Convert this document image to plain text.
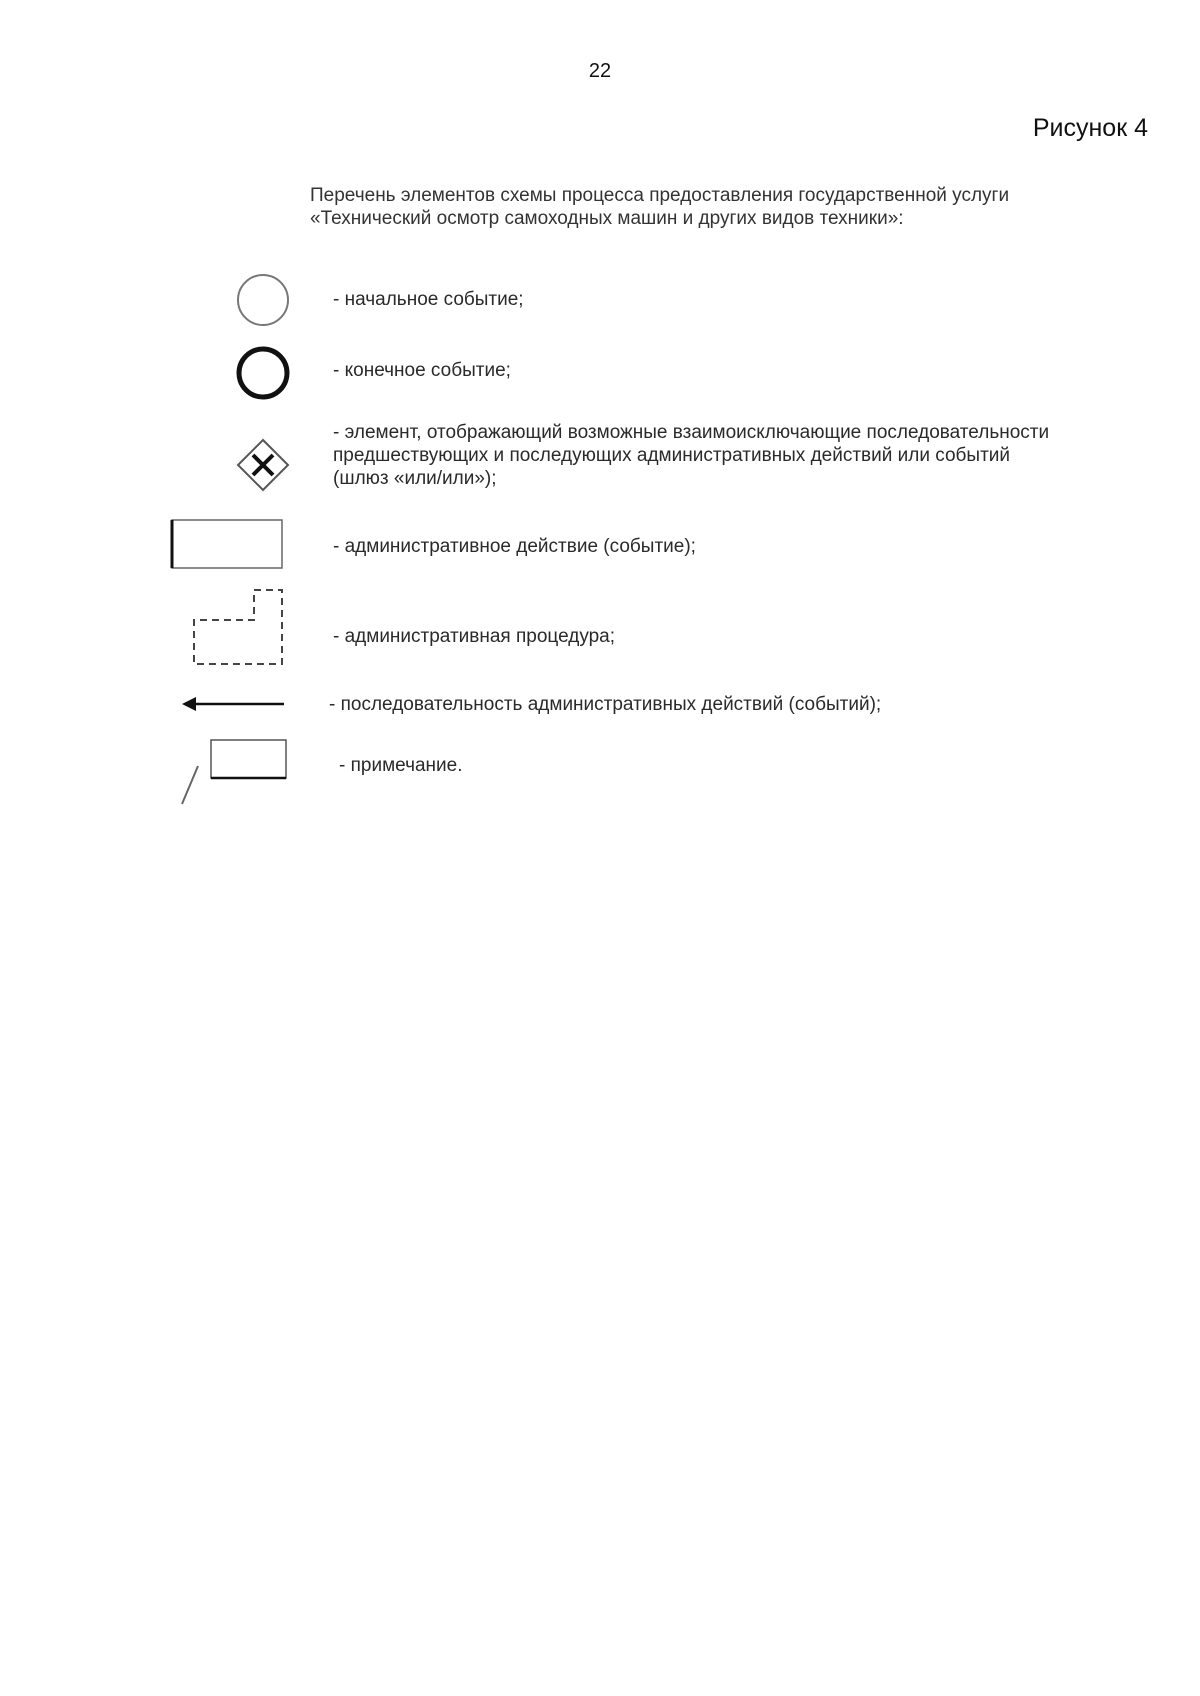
22
Рисунок 4
Перечень элементов схемы процесса предоставления государственной услуги
«Технический осмотр самоходных машин и других видов техники»:
- начальное событие;
- конечное событие;
- элемент, отображающий возможные взаимоисключающие последовательности
предшествующих и последующих административных действий или событий
(шлюз «или/или»);
- административное действие (событие);
- административная процедура;
- последовательность административных действий (событий);
- примечание.
